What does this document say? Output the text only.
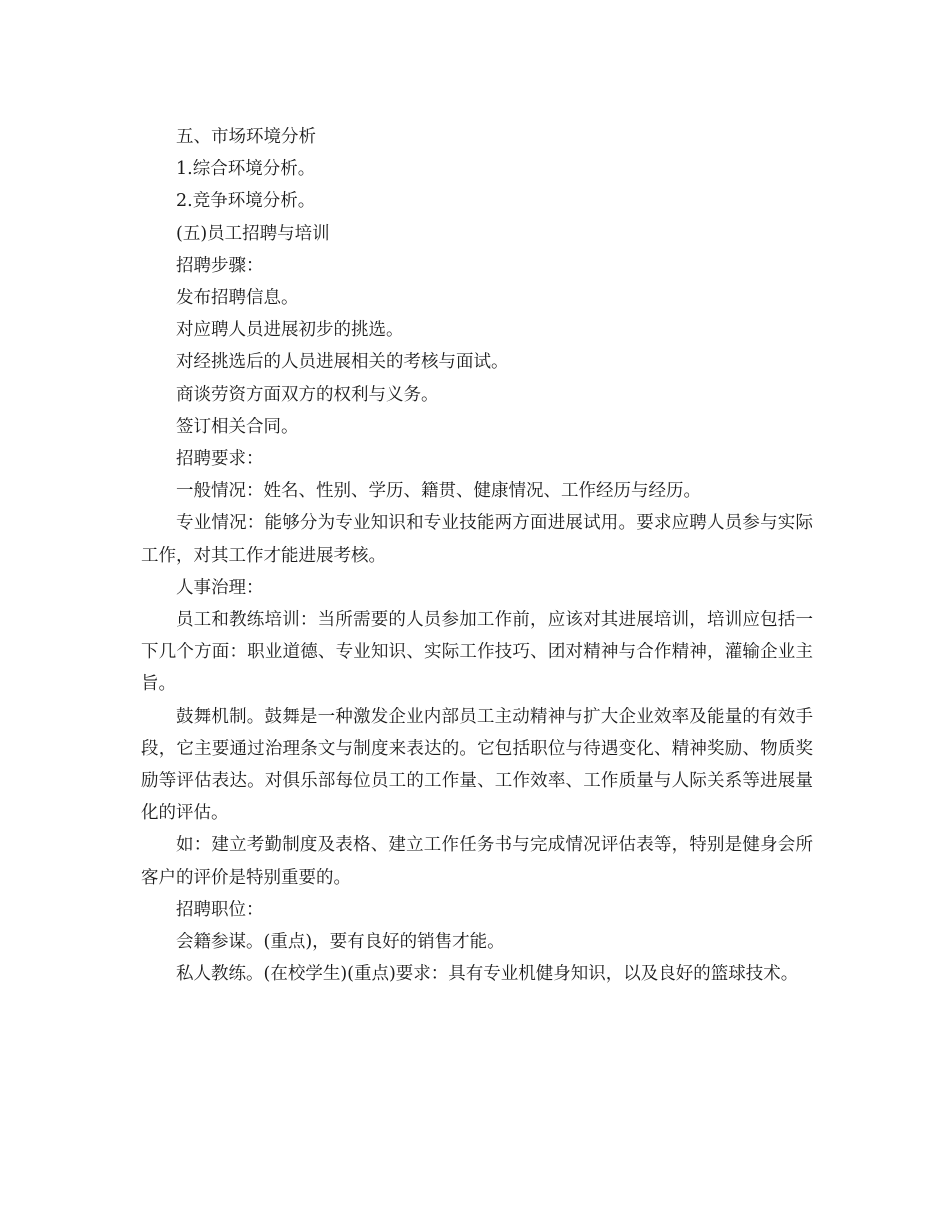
五、市场环境分析

1.综合环境分析。

2.竞争环境分析。

(五)员工招聘与培训

招聘步骤：

发布招聘信息。

对应聘人员进展初步的挑选。

对经挑选后的人员进展相关的考核与面试。

商谈劳资方面双方的权利与义务。

签订相关合同。

招聘要求：

一般情况：姓名、性别、学历、籍贯、健康情况、工作经历与经历。

专业情况：能够分为专业知识和专业技能两方面进展试用。要求应聘人员参与实际工作，对其工作才能进展考核。

人事治理：

员工和教练培训：当所需要的人员参加工作前，应该对其进展培训，培训应包括一下几个方面：职业道德、专业知识、实际工作技巧、团对精神与合作精神，灌输企业主旨。

鼓舞机制。鼓舞是一种激发企业内部员工主动精神与扩大企业效率及能量的有效手段，它主要通过治理条文与制度来表达的。它包括职位与待遇变化、精神奖励、物质奖励等评估表达。对俱乐部每位员工的工作量、工作效率、工作质量与人际关系等进展量化的评估。

如：建立考勤制度及表格、建立工作任务书与完成情况评估表等，特别是健身会所客户的评价是特别重要的。

招聘职位：

会籍参谋。(重点)，要有良好的销售才能。

私人教练。(在校学生)(重点)要求：具有专业机健身知识，以及良好的篮球技术。
